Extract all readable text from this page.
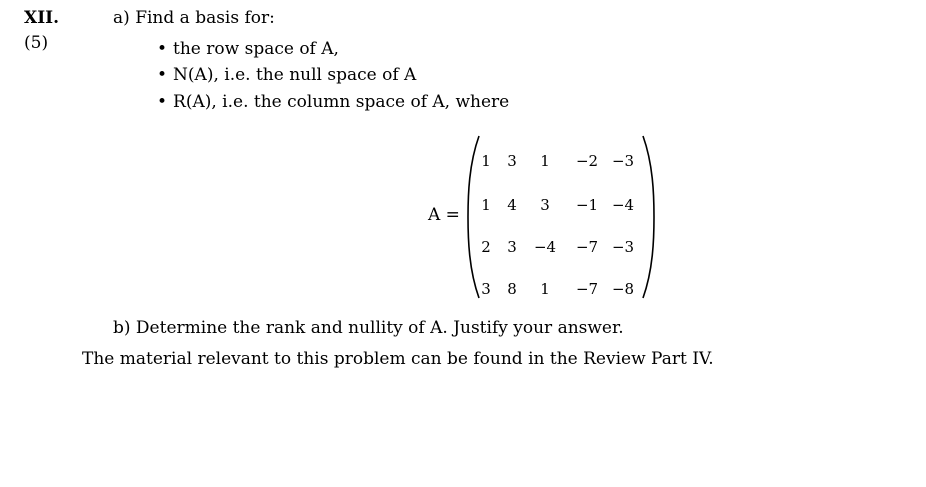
XII.
(5)
a) Find a basis for:
• the row space of A,
• N(A), i.e. the null space of A
• R(A), i.e. the column space of A, where
A =
1 3 1 −2 −3
1 4 3 −1 −4
2 3 −4 −7 −3
3 8 1 −7 −8
b) Determine the rank and nullity of A. Justify your answer.
The material relevant to this problem can be found in the Review Part IV.
